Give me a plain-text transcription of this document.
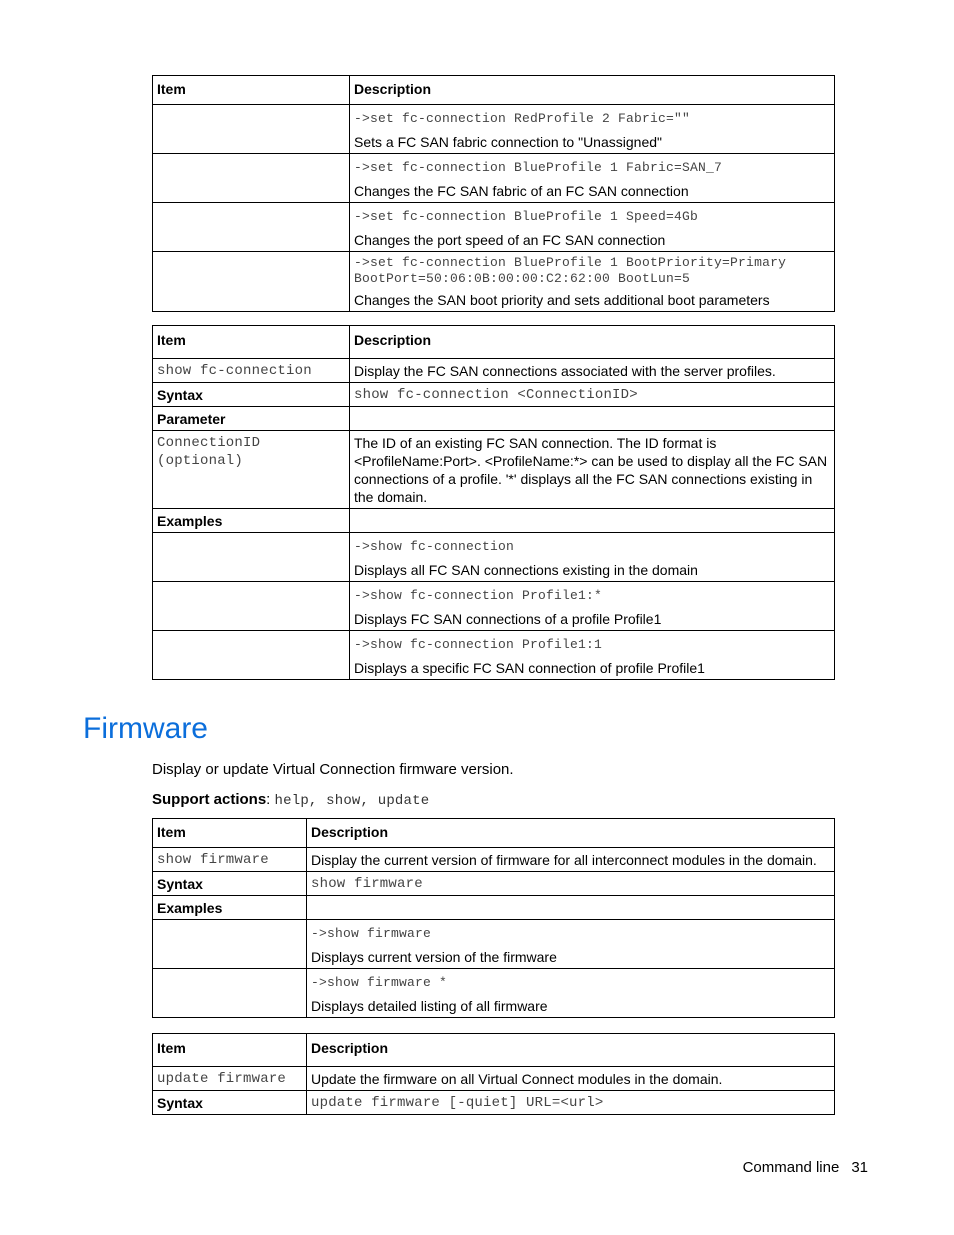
Item	Description
	->set fc-connection RedProfile 2 Fabric=""
Sets a FC SAN fabric connection to "Unassigned"

	->set fc-connection BlueProfile 1 Fabric=SAN_7
Changes the FC SAN fabric of an FC SAN connection

	->set fc-connection BlueProfile 1 Speed=4Gb
Changes the port speed of an FC SAN connection

	->set fc-connection BlueProfile 1 BootPriority=Primary BootPort=50:06:0B:00:00:C2:62:00 BootLun=5
Changes the SAN boot priority and sets additional boot parameters
Item	Description
show fc-connection	Display the FC SAN connections associated with the server profiles.
Syntax	show fc-connection <ConnectionID>
Parameter	
ConnectionID (optional)	The ID of an existing FC SAN connection. The ID format is <ProfileName:Port>. <ProfileName:*> can be used to display all the FC SAN connections of a profile. '*' displays all the FC SAN connections existing in the domain.
Examples	
	->show fc-connection
Displays all FC SAN connections existing in the domain

	->show fc-connection Profile1:*
Displays FC SAN connections of a profile Profile1

	->show fc-connection Profile1:1
Displays a specific FC SAN connection of profile Profile1
Firmware

Display or update Virtual Connection firmware version.

Support actions: help, show, update

Item	Description
show firmware	Display the current version of firmware for all interconnect modules in the domain.
Syntax	show firmware
Examples	
	->show firmware
Displays current version of the firmware

	->show firmware *
Displays detailed listing of all firmware
Item	Description
update firmware	Update the firmware on all Virtual Connect modules in the domain.
Syntax	update firmware [-quiet] URL=<url>
Command line 31
